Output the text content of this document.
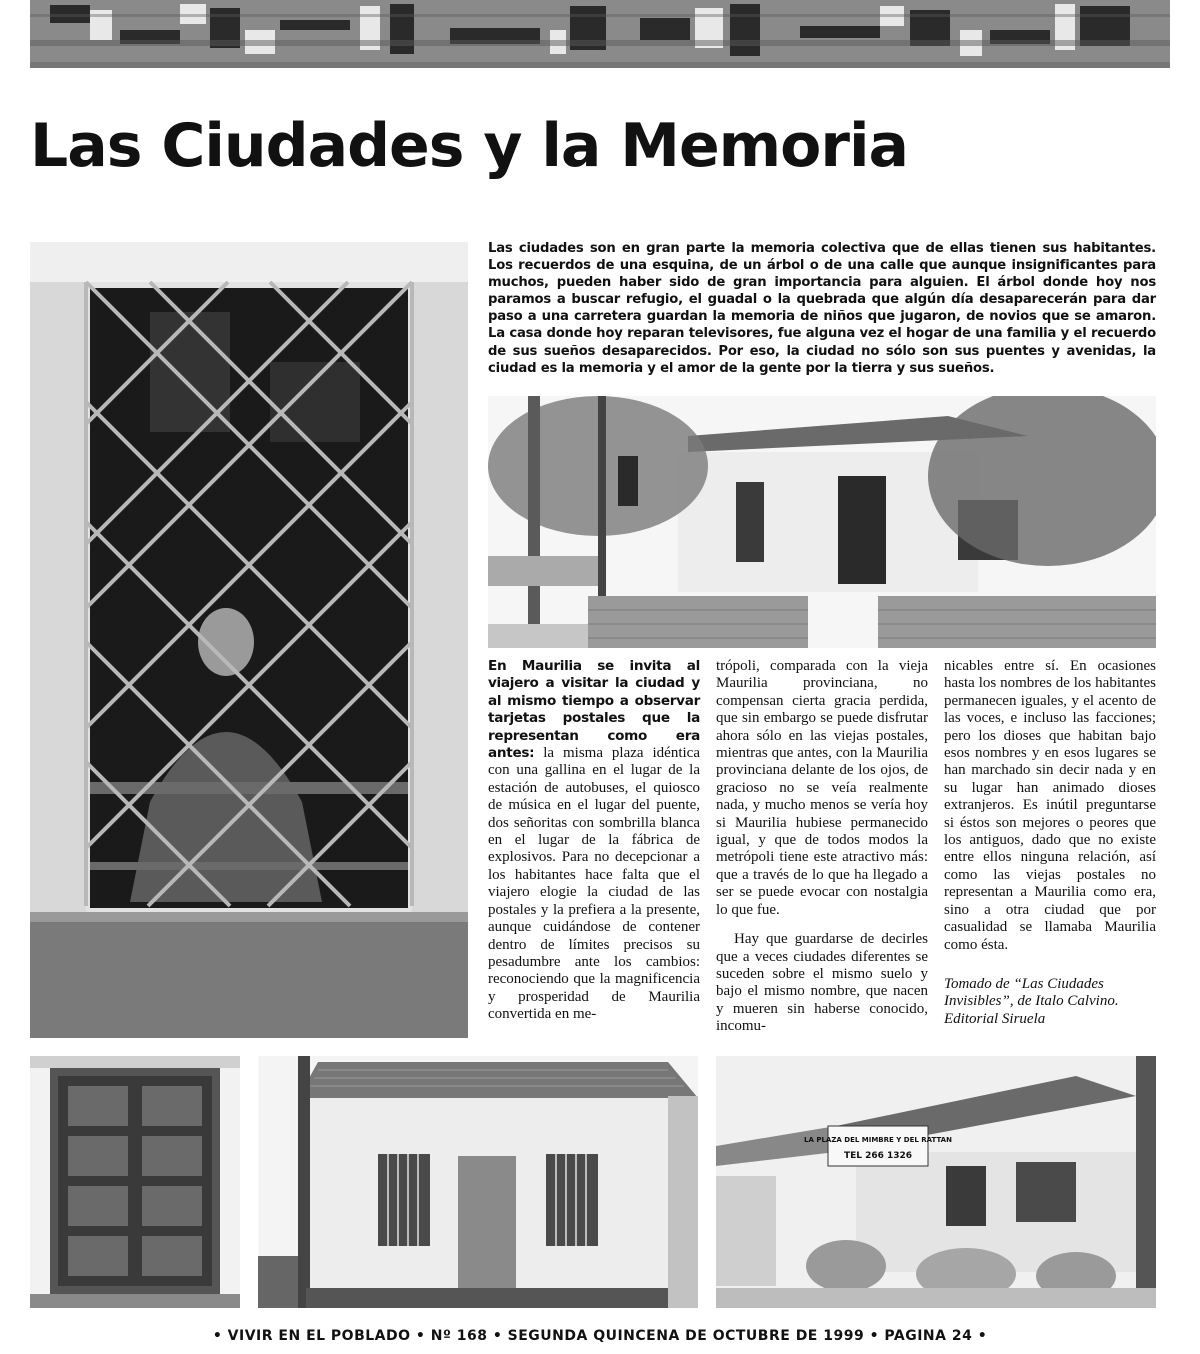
Las Ciudades y la Memoria

Las ciudades son en gran parte la memoria colectiva que de ellas tienen sus habitantes. Los recuerdos de una esquina, de un árbol o de una calle que aunque insignificantes para muchos, pueden haber sido de gran importancia para alguien. El árbol donde hoy nos paramos a buscar refugio, el guadal o la quebrada que algún día desaparecerán para dar paso a una carretera guardan la memoria de niños que jugaron, de novios que se amaron. La casa donde hoy reparan televisores, fue alguna vez el hogar de una familia y el recuerdo de sus sueños desaparecidos. Por eso, la ciudad no sólo son sus puentes y avenidas, la ciudad es la memoria y el amor de la gente por la tierra y sus sueños.

En Maurilia se invita al viajero a visitar la ciudad y al mismo tiempo a observar tarjetas postales que la representan como era antes: la misma plaza idéntica con una gallina en el lugar de la estación de autobuses, el quiosco de música en el lugar del puente, dos señoritas con sombrilla blanca en el lugar de la fábrica de explosivos. Para no decepcionar a los habitantes hace falta que el viajero elogie la ciudad de las postales y la prefiera a la presente, aunque cuidándose de contener dentro de límites precisos su pesadumbre ante los cambios: reconociendo que la magnificencia y prosperidad de Maurilia convertida en me-

trópoli, comparada con la vieja Maurilia provinciana, no compensan cierta gracia perdida, que sin embargo se puede disfrutar ahora sólo en las viejas postales, mientras que antes, con la Maurilia provinciana delante de los ojos, de gracioso no se veía realmente nada, y mucho menos se vería hoy si Maurilia hubiese permanecido igual, y que de todos modos la metrópoli tiene este atractivo más: que a través de lo que ha llegado a ser se puede evocar con nostalgia lo que fue.

Hay que guardarse de decirles que a veces ciudades diferentes se suceden sobre el mismo suelo y bajo el mismo nombre, que nacen y mueren sin haberse conocido, incomu-

nicables entre sí. En ocasiones hasta los nombres de los habitantes permanecen iguales, y el acento de las voces, e incluso las facciones; pero los dioses que habitan bajo esos nombres y en esos lugares se han marchado sin decir nada y en su lugar han animado dioses extranjeros. Es inútil preguntarse si éstos son mejores o peores que los antiguos, dado que no existe entre ellos ninguna relación, así como las viejas postales no representan a Maurilia como era, sino a otra ciudad que por casualidad se llamaba Maurilia como ésta.

Tomado de “Las Ciudades Invisibles”, de Italo Calvino. Editorial Siruela

LA PLAZA DEL MIMBRE Y DEL RATTAN
TEL 266 1326
• VIVIR EN EL POBLADO • Nº 168 • SEGUNDA QUINCENA DE OCTUBRE DE 1999 • PAGINA 24 •
